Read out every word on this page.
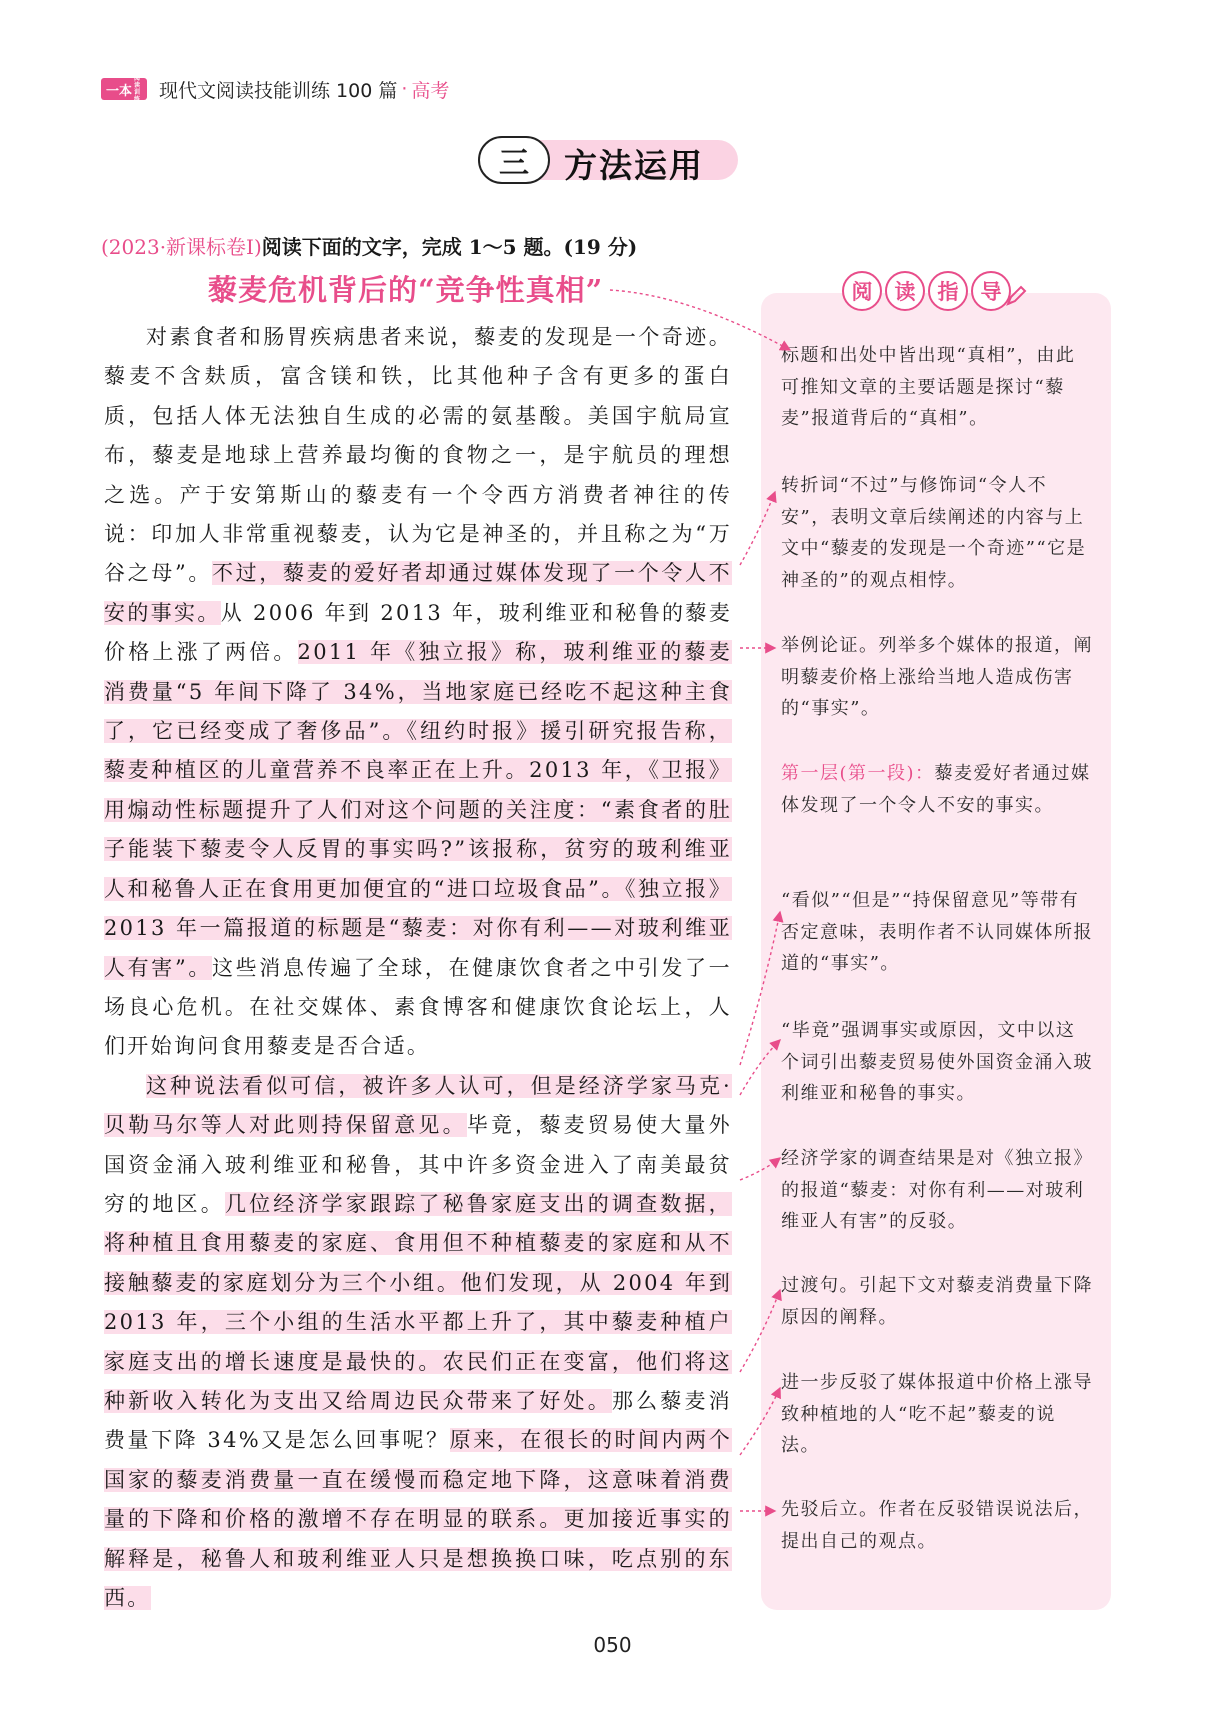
一本
阅读训练 现代文阅读技能训练 100 篇 · 高考
三	方法运用
(2023·新课标卷Ⅰ)阅读下面的文字，完成 1～5 题。(19 分)
藜麦危机背后的“竞争性真相”

对素食者和肠胃疾病患者来说，藜麦的发现是一个奇迹。藜麦不含麸质，富含镁和铁，比其他种子含有更多的蛋白质，包括人体无法独自生成的必需的氨基酸。美国宇航局宣布，藜麦是地球上营养最均衡的食物之一，是宇航员的理想之选。产于安第斯山的藜麦有一个令西方消费者神往的传说：印加人非常重视藜麦，认为它是神圣的，并且称之为“万谷之母”。不过，藜麦的爱好者却通过媒体发现了一个令人不安的事实。从 2006 年到 2013 年，玻利维亚和秘鲁的藜麦价格上涨了两倍。2011 年《独立报》称，玻利维亚的藜麦消费量“5 年间下降了 34%，当地家庭已经吃不起这种主食了，它已经变成了奢侈品”。《纽约时报》援引研究报告称，藜麦种植区的儿童营养不良率正在上升。2013 年，《卫报》用煽动性标题提升了人们对这个问题的关注度：“素食者的肚子能装下藜麦令人反胃的事实吗?”该报称，贫穷的玻利维亚人和秘鲁人正在食用更加便宜的“进口垃圾食品”。《独立报》2013 年一篇报道的标题是“藜麦：对你有利——对玻利维亚人有害”。这些消息传遍了全球，在健康饮食者之中引发了一场良心危机。在社交媒体、素食博客和健康饮食论坛上，人们开始询问食用藜麦是否合适。

这种说法看似可信，被许多人认可，但是经济学家马克·贝勒马尔等人对此则持保留意见。毕竟，藜麦贸易使大量外国资金涌入玻利维亚和秘鲁，其中许多资金进入了南美最贫穷的地区。几位经济学家跟踪了秘鲁家庭支出的调查数据，将种植且食用藜麦的家庭、食用但不种植藜麦的家庭和从不接触藜麦的家庭划分为三个小组。他们发现，从 2004 年到 2013 年，三个小组的生活水平都上升了，其中藜麦种植户家庭支出的增长速度是最快的。农民们正在变富，他们将这种新收入转化为支出又给周边民众带来了好处。那么藜麦消费量下降 34%又是怎么回事呢？原来，在很长的时间内两个国家的藜麦消费量一直在缓慢而稳定地下降，这意味着消费量的下降和价格的激增不存在明显的联系。更加接近事实的解释是，秘鲁人和玻利维亚人只是想换换口味，吃点别的东西。

阅	读	指	导
标题和出处中皆出现“真相”，由此可推知文章的主要话题是探讨“藜麦”报道背后的“真相”。
转折词“不过”与修饰词“令人不安”，表明文章后续阐述的内容与上文中“藜麦的发现是一个奇迹”“它是神圣的”的观点相悖。
举例论证。列举多个媒体的报道，阐明藜麦价格上涨给当地人造成伤害的“事实”。
第一层(第一段)：藜麦爱好者通过媒体发现了一个令人不安的事实。
“看似”“但是”“持保留意见”等带有否定意味，表明作者不认同媒体所报道的“事实”。
“毕竟”强调事实或原因，文中以这个词引出藜麦贸易使外国资金涌入玻利维亚和秘鲁的事实。
经济学家的调查结果是对《独立报》的报道“藜麦：对你有利——对玻利维亚人有害”的反驳。
过渡句。引起下文对藜麦消费量下降原因的阐释。
进一步反驳了媒体报道中价格上涨导致种植地的人“吃不起”藜麦的说法。
先驳后立。作者在反驳错误说法后，提出自己的观点。
050
